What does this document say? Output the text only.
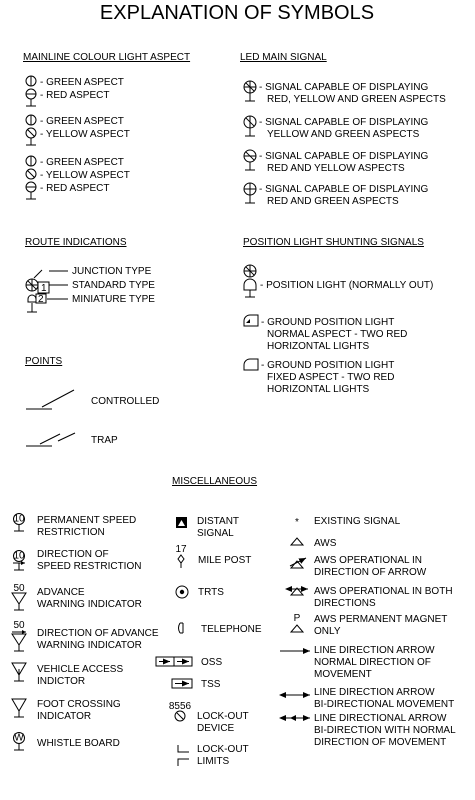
EXPLANATION OF SYMBOLS
MAINLINE COLOUR LIGHT ASPECT	LED MAIN SIGNAL
ROUTE INDICATIONS	POSITION LIGHT SHUNTING SIGNALS
POINTS
MISCELLANEOUS
- GREEN ASPECT
- RED ASPECT
- GREEN ASPECT
- YELLOW ASPECT
- GREEN ASPECT
- YELLOW ASPECT
- RED ASPECT
- SIGNAL CAPABLE OF DISPLAYING
RED, YELLOW AND GREEN ASPECTS
- SIGNAL CAPABLE OF DISPLAYING
YELLOW AND GREEN ASPECTS
- SIGNAL CAPABLE OF DISPLAYING
RED AND YELLOW ASPECTS
- SIGNAL CAPABLE OF DISPLAYING
RED AND GREEN ASPECTS
1
2
JUNCTION TYPE
STANDARD TYPE
MINIATURE TYPE
- POSITION LIGHT (NORMALLY OUT)
- GROUND POSITION LIGHT
NORMAL ASPECT - TWO RED
HORIZONTAL LIGHTS
- GROUND POSITION LIGHT
FIXED ASPECT - TWO RED
HORIZONTAL LIGHTS
CONTROLLED
TRAP
10
10
50
50
W
PERMANENT SPEED
RESTRICTION
DIRECTION OF
SPEED RESTRICTION
ADVANCE
WARNING INDICATOR
DIRECTION OF ADVANCE
WARNING INDICATOR
VEHICLE ACCESS
INDICTOR
FOOT CROSSING
INDICATOR
WHISTLE BOARD
17
8556
DISTANT
SIGNAL
MILE POST
TRTS
TELEPHONE
OSS
TSS
LOCK-OUT
DEVICE
LOCK-OUT
LIMITS
*
P
EXISTING SIGNAL
AWS
AWS OPERATIONAL IN
DIRECTION OF ARROW
AWS OPERATIONAL IN BOTH
DIRECTIONS
AWS PERMANENT MAGNET
ONLY
LINE DIRECTION ARROW
NORMAL DIRECTION OF
MOVEMENT
LINE DIRECTION ARROW
BI-DIRECTIONAL MOVEMENT
LINE DIRECTIONAL ARROW
BI-DIRECTION WITH NORMAL
DIRECTION OF MOVEMENT
